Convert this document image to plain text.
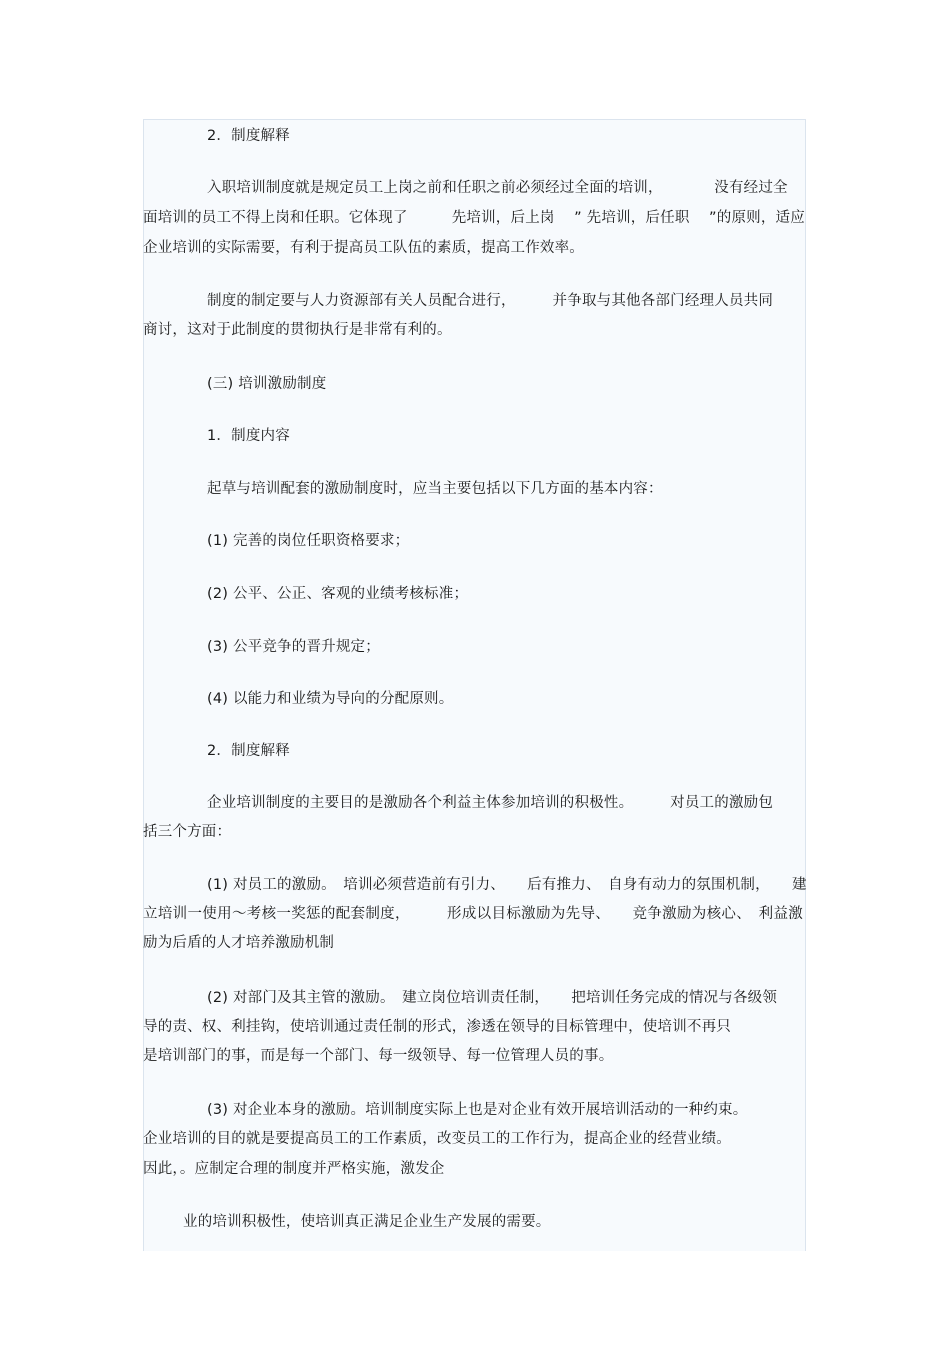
2．制度解释
入职培训制度就是规定员工上岗之前和任职之前必须经过全面的培训，　　　　没有经过全
面培训的员工不得上岗和任职。它体现了　　　先培训，后上岗　 ” 先培训，后任职　 ”的原则，适应
企业培训的实际需要，有利于提高员工队伍的素质，提高工作效率。
制度的制定要与人力资源部有关人员配合进行，　　　并争取与其他各部门经理人员共同
商讨，这对于此制度的贯彻执行是非常有利的。
(三) 培训激励制度
1．制度内容
起草与培训配套的激励制度时，应当主要包括以下几方面的基本内容：
(1) 完善的岗位任职资格要求；
(2) 公平、公正、客观的业绩考核标准；
(3) 公平竞争的晋升规定；
(4) 以能力和业绩为导向的分配原则。
2．制度解释
企业培训制度的主要目的是激励各个利益主体参加培训的积极性。　　　对员工的激励包
括三个方面：
(1) 对员工的激励。　培训必须营造前有引力、　　后有推力、　自身有动力的氛围机制，　　建
立培训一使用～考核一奖惩的配套制度，　　　形成以目标激励为先导、　　竞争激励为核心、　利益激
励为后盾的人才培养激励机制
(2) 对部门及其主管的激励。　建立岗位培训责任制，　　把培训任务完成的情况与各级领
导的责、权、利挂钩，使培训通过责任制的形式，渗透在领导的目标管理中，使培训不再只
是培训部门的事，而是每一个部门、每一级领导、每一位管理人员的事。
(3) 对企业本身的激励。培训制度实际上也是对企业有效开展培训活动的一种约束。
企业培训的目的就是要提高员工的工作素质，改变员工的工作行为，提高企业的经营业绩。
因此，。应制定合理的制度并严格实施，激发企
业的培训积极性，使培训真正满足企业生产发展的需要。
